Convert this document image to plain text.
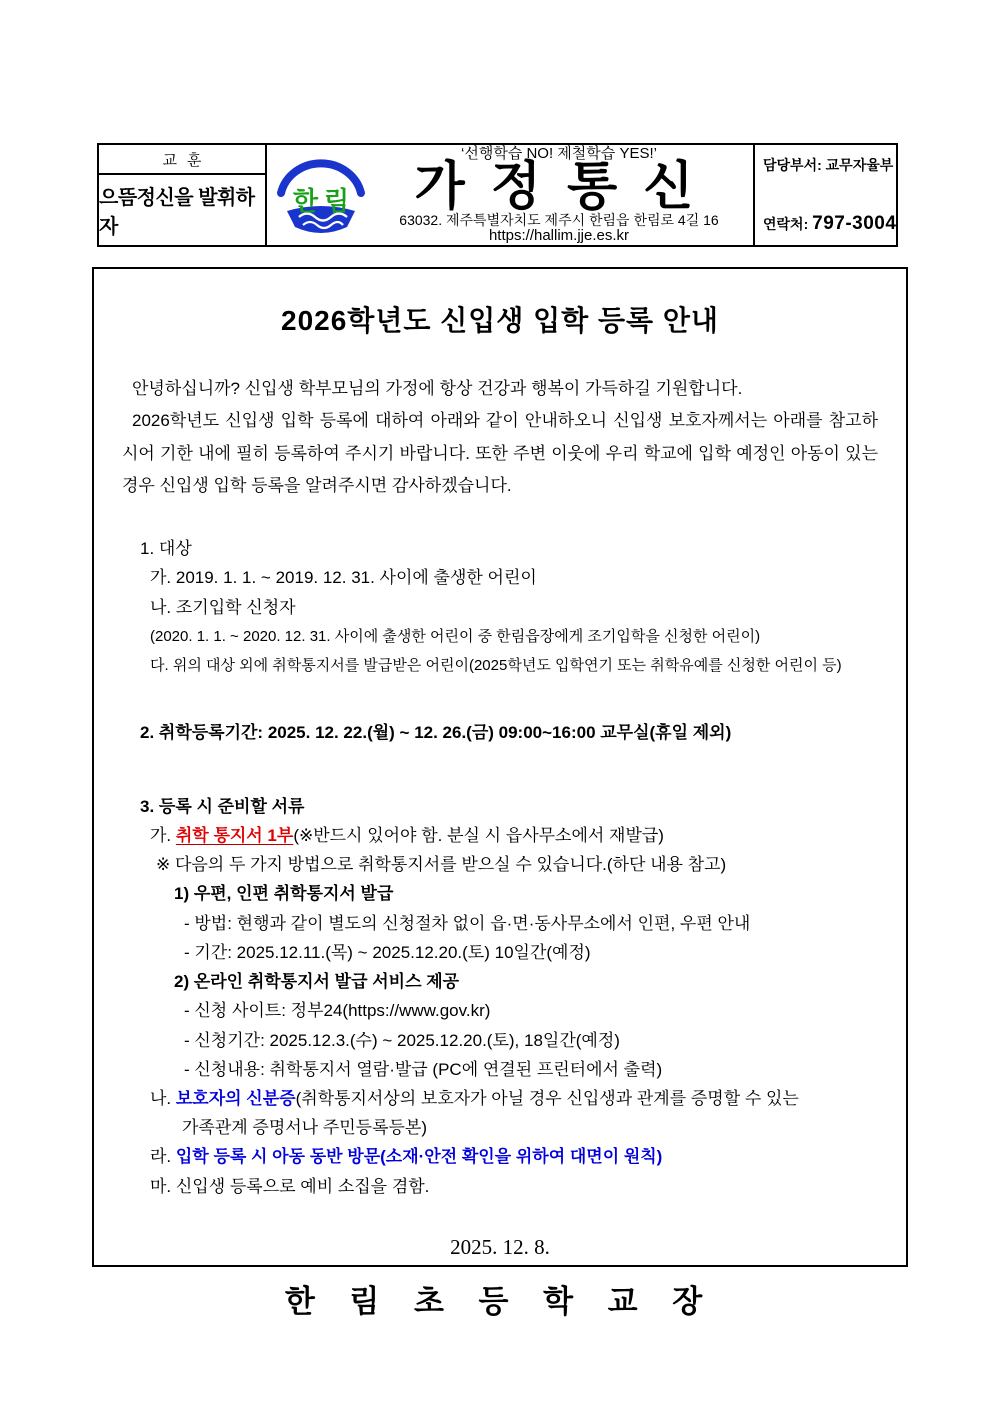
교훈
으뜸정신을 발휘하자
한림
‘선행학습 NO! 제철학습 YES!’
가정통신
63032. 제주특별자치도 제주시 한림읍 한림로 4길 16
https://hallim.jje.es.kr
담당부서: 교무자율부
연락처: 797-3004
2026학년도 신입생 입학 등록 안내

안녕하십니까? 신입생 학부모님의 가정에 항상 건강과 행복이 가득하길 기원합니다.

2026학년도 신입생 입학 등록에 대하여 아래와 같이 안내하오니 신입생 보호자께서는 아래를 참고하시어 기한 내에 필히 등록하여 주시기 바랍니다. 또한 주변 이웃에 우리 학교에 입학 예정인 아동이 있는 경우 신입생 입학 등록을 알려주시면 감사하겠습니다.

1. 대상
가. 2019. 1. 1. ~ 2019. 12. 31. 사이에 출생한 어린이
나. 조기입학 신청자
(2020. 1. 1. ~ 2020. 12. 31. 사이에 출생한 어린이 중 한림읍장에게 조기입학을 신청한 어린이)
다. 위의 대상 외에 취학통지서를 발급받은 어린이(2025학년도 입학연기 또는 취학유예를 신청한 어린이 등)
2. 취학등록기간: 2025. 12. 22.(월) ~ 12. 26.(금) 09:00~16:00 교무실(휴일 제외)
3. 등록 시 준비할 서류
가. 취학 통지서 1부(※반드시 있어야 함. 분실 시 읍사무소에서 재발급)
※ 다음의 두 가지 방법으로 취학통지서를 받으실 수 있습니다.(하단 내용 참고)
1) 우편, 인편 취학통지서 발급
- 방법: 현행과 같이 별도의 신청절차 없이 읍·면·동사무소에서 인편, 우편 안내
- 기간: 2025.12.11.(목) ~ 2025.12.20.(토) 10일간(예정)
2) 온라인 취학통지서 발급 서비스 제공
- 신청 사이트: 정부24(https://www.gov.kr)
- 신청기간: 2025.12.3.(수) ~ 2025.12.20.(토), 18일간(예정)
- 신청내용: 취학통지서 열람·발급 (PC에 연결된 프린터에서 출력)
나. 보호자의 신분증(취학통지서상의 보호자가 아닐 경우 신입생과 관계를 증명할 수 있는
가족관계 증명서나 주민등록등본)
라. 입학 등록 시 아동 동반 방문(소재·안전 확인을 위하여 대면이 원칙)
마. 신입생 등록으로 예비 소집을 겸함.
2025. 12. 8.
한 림 초 등 학 교 장
